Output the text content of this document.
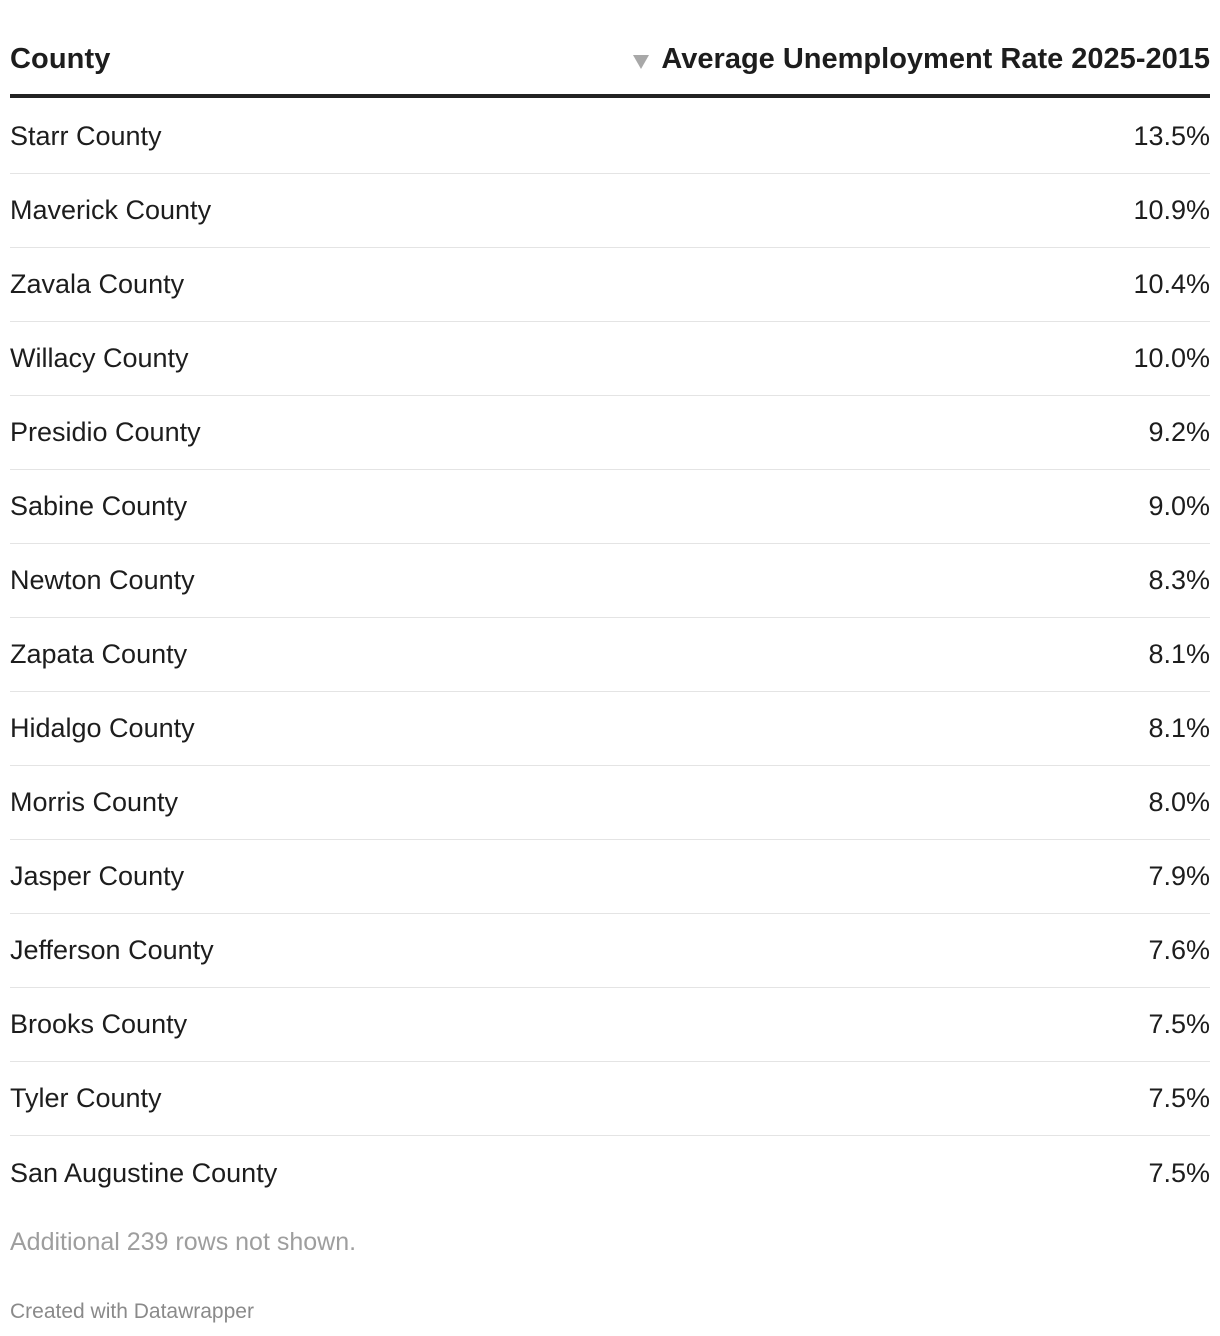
County	Average Unemployment Rate 2025-2015
Starr County	13.5%
Maverick County	10.9%
Zavala County	10.4%
Willacy County	10.0%
Presidio County	9.2%
Sabine County	9.0%
Newton County	8.3%
Zapata County	8.1%
Hidalgo County	8.1%
Morris County	8.0%
Jasper County	7.9%
Jefferson County	7.6%
Brooks County	7.5%
Tyler County	7.5%
San Augustine County	7.5%
Additional 239 rows not shown.
Created with Datawrapper
